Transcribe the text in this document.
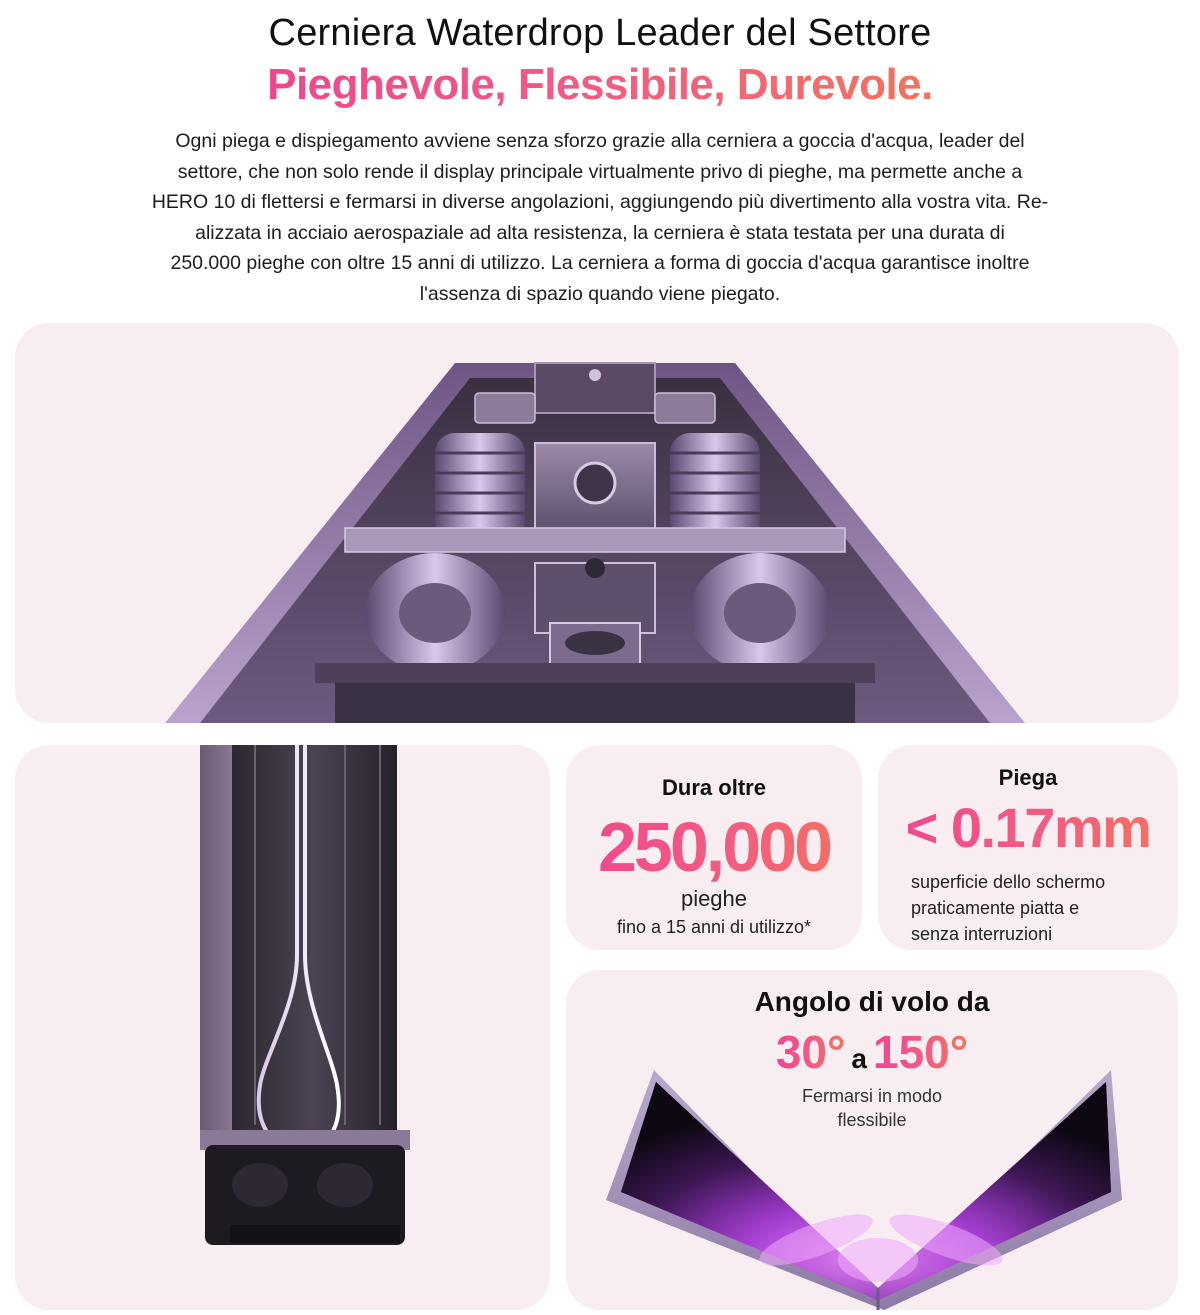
Cerniera Waterdrop Leader del Settore
Pieghevole, Flessibile, Durevole.
Ogni piega e dispiegamento avviene senza sforzo grazie alla cerniera a goccia d'acqua, leader del
settore, che non solo rende il display principale virtualmente privo di pieghe, ma permette anche a
HERO 10 di flettersi e fermarsi in diverse angolazioni, aggiungendo più divertimento alla vostra vita. Re-
alizzata in acciaio aerospaziale ad alta resistenza, la cerniera è stata testata per una durata di
250.000 pieghe con oltre 15 anni di utilizzo. La cerniera a forma di goccia d'acqua garantisce inoltre
l'assenza di spazio quando viene piegato.
Dura oltre
250,000
pieghe
fino a 15 anni di utilizzo*
Piega
< 0.17mm
superficie dello schermo
praticamente piatta e
senza interruzioni
Angolo di volo da
30° a 150°
Fermarsi in modo
flessibile
